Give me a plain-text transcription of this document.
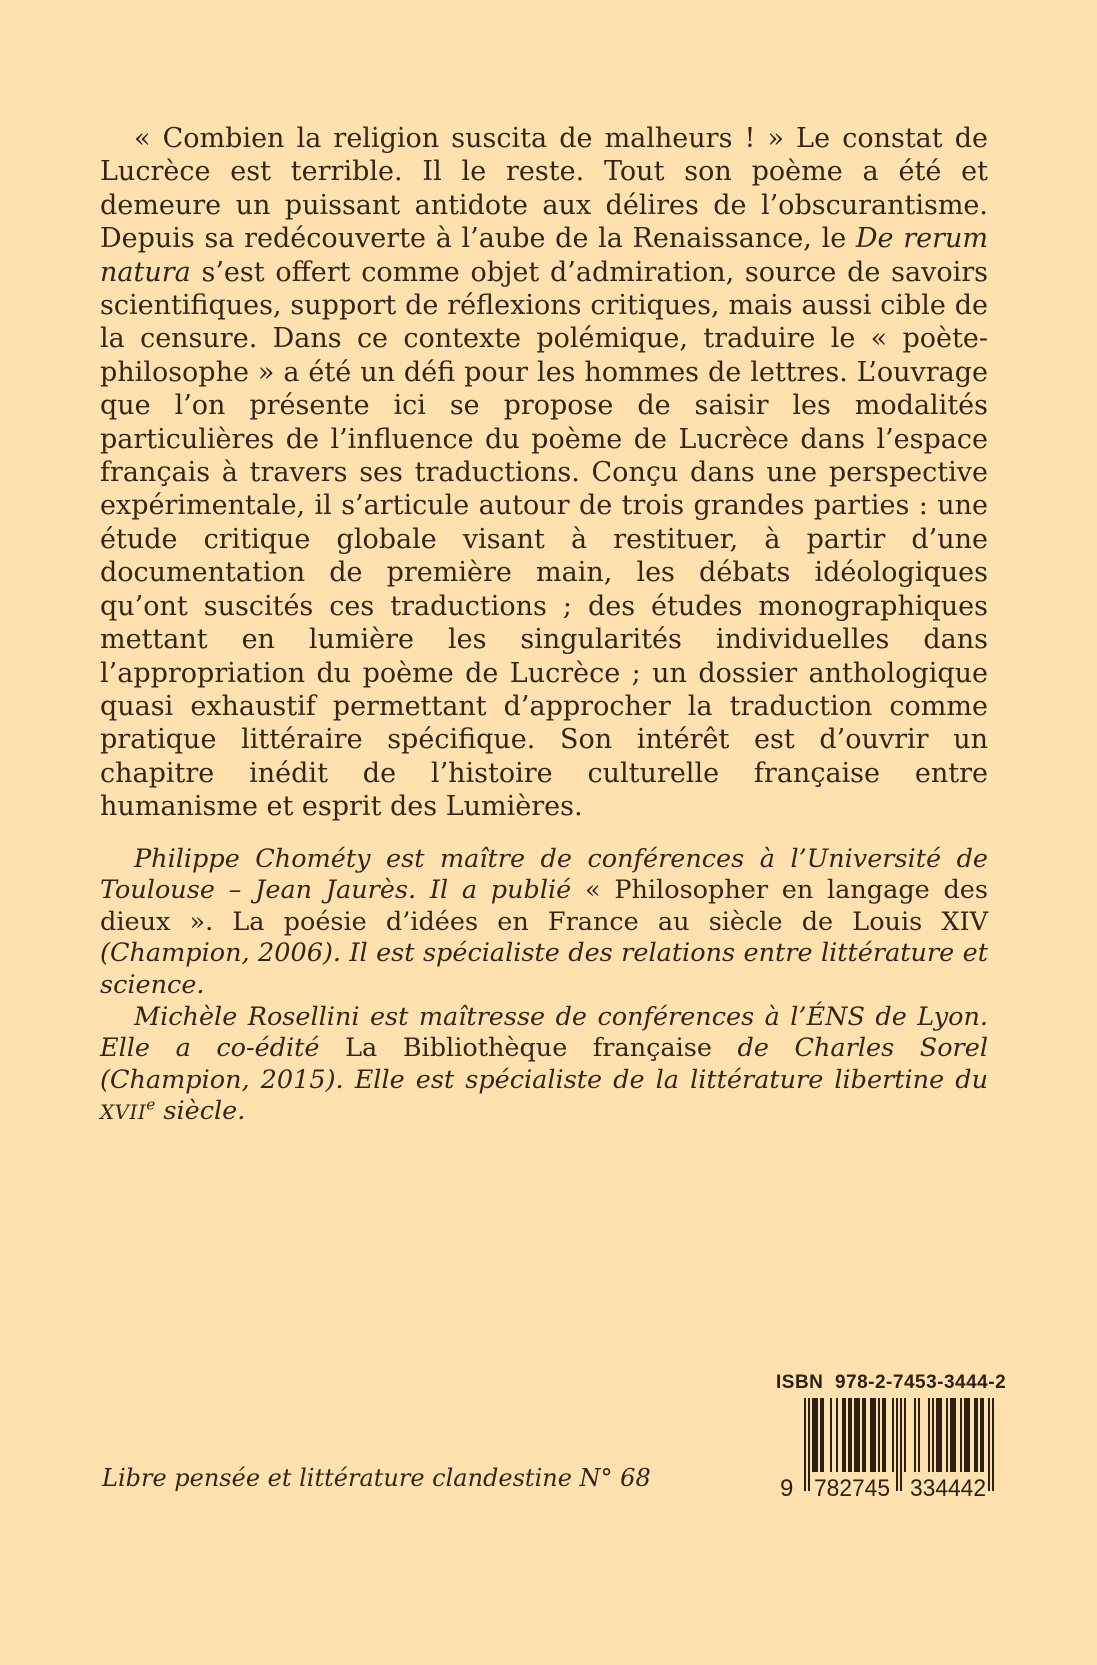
« Combien la religion suscita de malheurs ! » Le constat de Lucrèce est terrible. Il le reste. Tout son poème a été et demeure un puissant antidote aux délires de l’obscurantisme. Depuis sa redécouverte à l’aube de la Renaissance, le De rerum natura s’est offert comme objet d’admiration, source de savoirs scientifiques, support de réflexions critiques, mais aussi cible de la censure. Dans ce contexte polémique, traduire le « poète-philosophe » a été un défi pour les hommes de lettres. L’ouvrage que l’on présente ici se propose de saisir les modalités particulières de l’influence du poème de Lucrèce dans l’espace français à travers ses traductions. Conçu dans une perspective expérimentale, il s’articule autour de trois grandes parties : une étude critique globale visant à restituer, à partir d’une documentation de première main, les débats idéologiques qu’ont suscités ces traductions ; des études monographiques mettant en lumière les singularités individuelles dans l’appropriation du poème de Lucrèce ; un dossier anthologique quasi exhaustif permettant d’approcher la traduction comme pratique littéraire spécifique. Son intérêt est d’ouvrir un chapitre inédit de l’histoire culturelle française entre humanisme et esprit des Lumières.

Philippe Chométy est maître de conférences à l’Université de Toulouse – Jean Jaurès. Il a publié « Philosopher en langage des dieux ». La poésie d’idées en France au siècle de Louis XIV (Champion, 2006). Il est spécialiste des relations entre littérature et science.

Michèle Rosellini est maîtresse de conférences à l’ÉNS de Lyon. Elle a co-édité La Bibliothèque française de Charles Sorel (Champion, 2015). Elle est spécialiste de la littérature libertine du XVIIe siècle.

Libre pensée et littérature clandestine N° 68
ISBN  978-2-7453-3444-2
9 782745 334442
